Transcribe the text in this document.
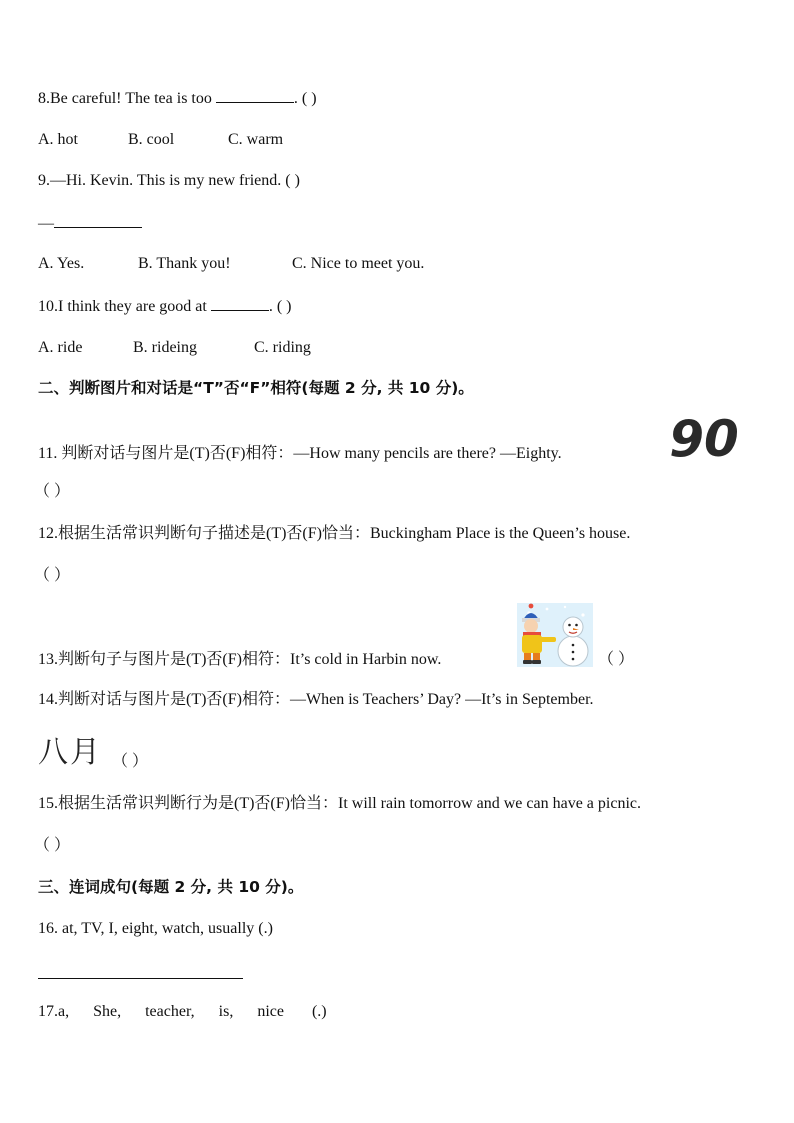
8.Be careful! The tea is too	. ( )
A. hot	B. cool	C. warm
9.—Hi. Kevin. This is my new friend. ( )
—
A. Yes.	B. Thank you!	C. Nice to meet you.
10.I think they are good at	. ( )
A. ride	B. rideing	C. riding
二、判断图片和对话是“T”否“F”相符(每题 2 分, 共 10 分)。
11. 判断对话与图片是(T)否(F)相符：—How many pencils are there? —Eighty. 90
（ ）
12.根据生活常识判断句子描述是(T)否(F)恰当：Buckingham Place is the Queen’s house.
（ ）
13.判断句子与图片是(T)否(F)相符：It’s cold in Harbin now.	（ ）
14.判断对话与图片是(T)否(F)相符：—When is Teachers’ Day? —It’s in September.
八月 （ ）
15.根据生活常识判断行为是(T)否(F)恰当：It will rain tomorrow and we can have a picnic.
（ ）
三、连词成句(每题 2 分, 共 10 分)。
16. at, TV, I, eight, watch, usually (.)
17.a,      She,      teacher,      is,      nice       (.)
